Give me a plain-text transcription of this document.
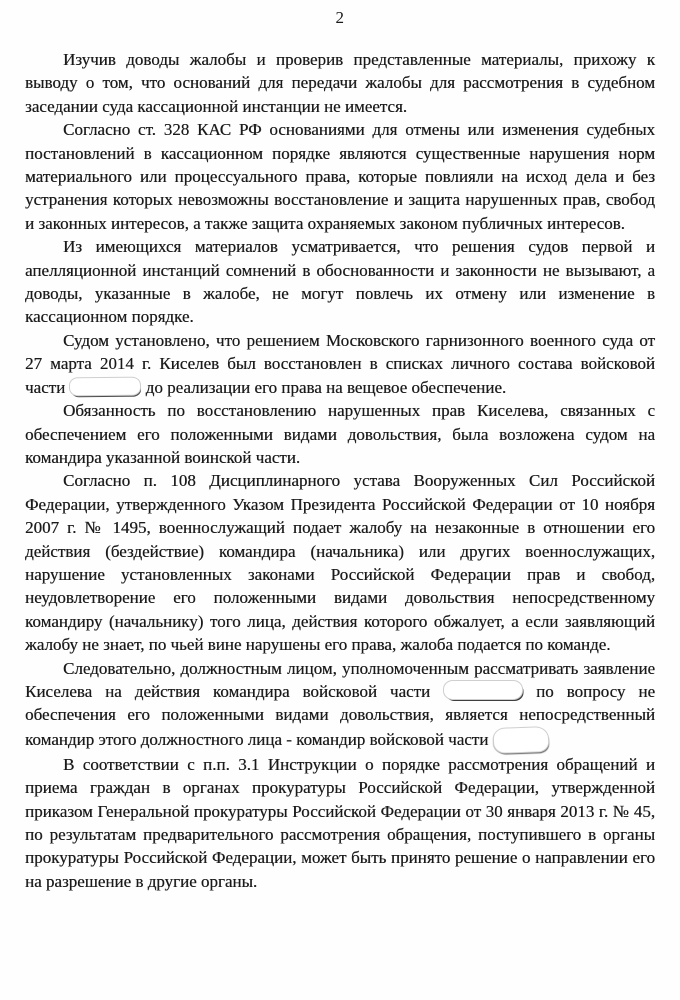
2

Изучив доводы жалобы и проверив представленные материалы, прихожу к выводу о том, что оснований для передачи жалобы для рассмотрения в судебном заседании суда кассационной инстанции не имеется.

Согласно ст. 328 КАС РФ основаниями для отмены или изменения судебных постановлений в кассационном порядке являются существенные нарушения норм материального или процессуального права, которые повлияли на исход дела и без устранения которых невозможны восстановление и защита нарушенных прав, свобод и законных интересов, а также защита охраняемых законом публичных интересов.

Из имеющихся материалов усматривается, что решения судов первой и апелляционной инстанций сомнений в обоснованности и законности не вызывают, а доводы, указанные в жалобе, не могут повлечь их отмену или изменение в кассационном порядке.

Судом установлено, что решением Московского гарнизонного военного суда от 27 марта 2014 г. Киселев был восстановлен в списках личного состава войсковой части	до реализации его права на вещевое обеспечение.

Обязанность по восстановлению нарушенных прав Киселева, связанных с обеспечением его положенными видами довольствия, была возложена судом на командира указанной воинской части.

Согласно п. 108 Дисциплинарного устава Вооруженных Сил Российской Федерации, утвержденного Указом Президента Российской Федерации от 10 ноября 2007 г. № 1495, военнослужащий подает жалобу на незаконные в отношении его действия (бездействие) командира (начальника) или других военнослужащих, нарушение установленных законами Российской Федерации прав и свобод, неудовлетворение его положенными видами довольствия непосредственному командиру (начальнику) того лица, действия которого обжалует, а если заявляющий жалобу не знает, по чьей вине нарушены его права, жалоба подается по команде.

Следовательно, должностным лицом, уполномоченным рассматривать заявление Киселева на действия командира войсковой части	по вопросу не обеспечения его положенными видами довольствия, является непосредственный командир этого должностного лица - командир войсковой части

В соответствии с п.п. 3.1 Инструкции о порядке рассмотрения обращений и приема граждан в органах прокуратуры Российской Федерации, утвержденной приказом Генеральной прокуратуры Российской Федерации от 30 января 2013 г. № 45, по результатам предварительного рассмотрения обращения, поступившего в органы прокуратуры Российской Федерации, может быть принято решение о направлении его на разрешение в другие органы.
